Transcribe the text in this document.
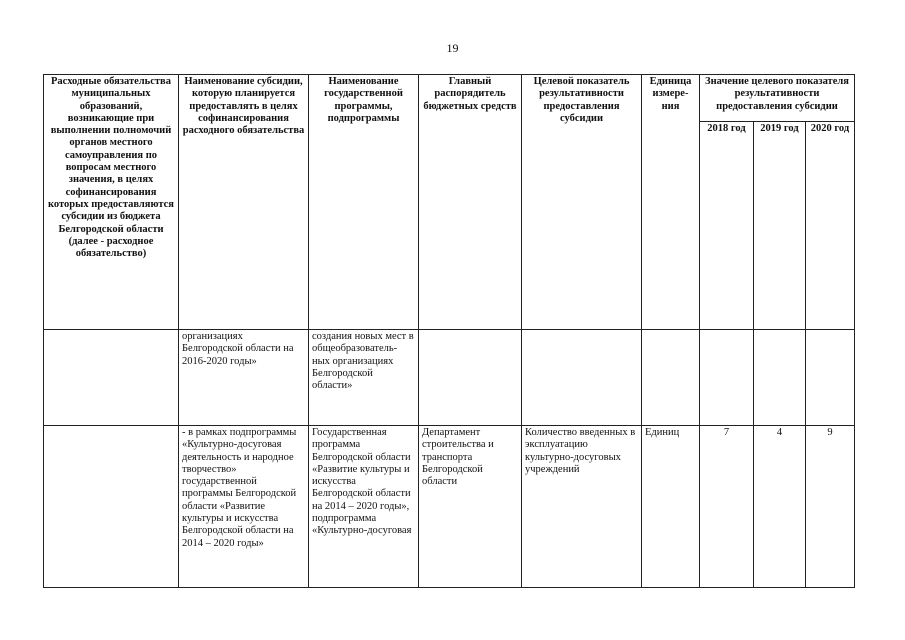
19
Расходные обязательства муниципальных образований, возникающие при выполнении полномочий органов местного самоуправления по вопросам местного значения, в целях софинансирования которых предоставляются субсидии из бюджета Белгородской области (далее - расходное обязательство)	Наименование субсидии, которую планируется предоставлять в целях софинансирования расходного обязательства	Наименование государственной программы, подпрограммы	Главный распорядитель бюджетных средств	Целевой показатель результативности предоставления субсидии	Единица измере-ния	Значение целевого показателя результативности предоставления субсидии		
						2018 год	2019 год	2020 год
	организациях Белгородской области на 2016-2020 годы»	создания новых мест в общеобразователь-ных организациях Белгородской области»						
	- в рамках подпрограммы «Культурно-досуговая деятельность и народное творчество» государственной программы Белгородской области «Развитие культуры и искусства Белгородской области на 2014 – 2020 годы»	Государственная программа Белгородской области «Развитие культуры и искусства Белгородской области на 2014 – 2020 годы», подпрограмма «Культурно-досуговая	Департамент строительства и транспорта Белгородской области	Количество введенных в эксплуатацию культурно-досуговых учреждений	Единиц	7	4	9
